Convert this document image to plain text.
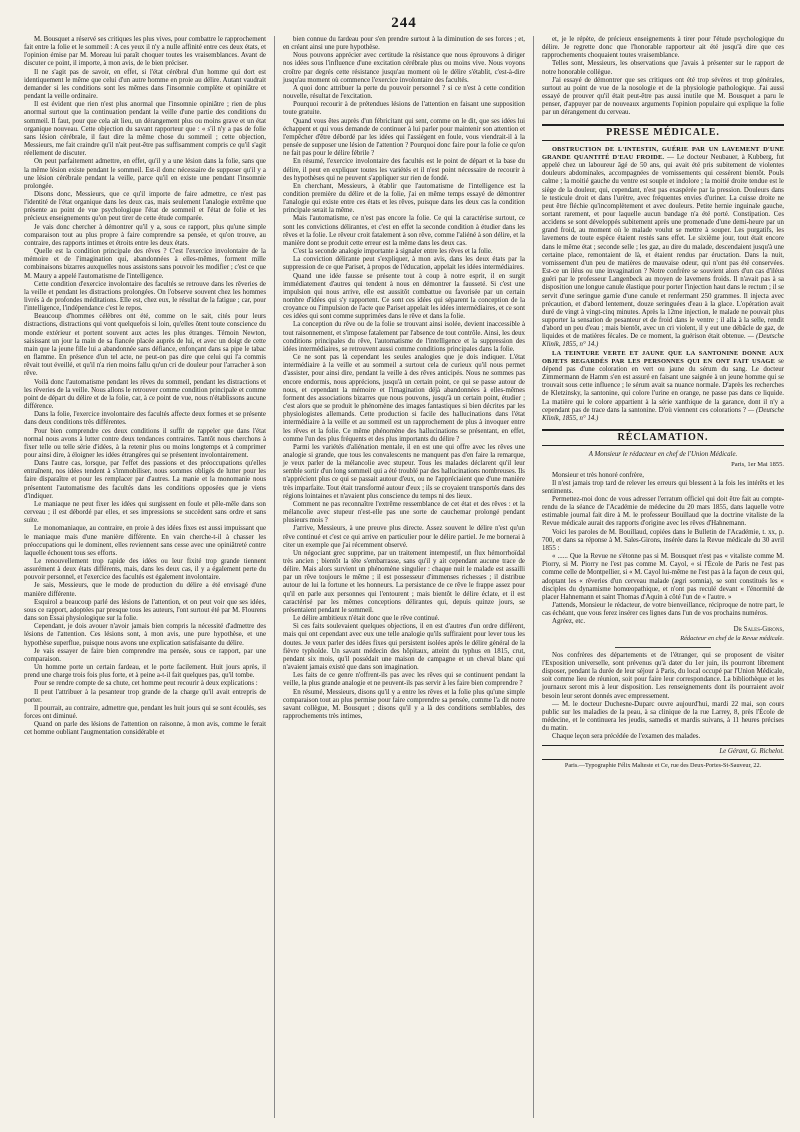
244

M. Bousquet a réservé ses critiques les plus vives, pour combattre le rapprochement fait entre la folie et le sommeil : A ces yeux il n'y a nulle affinité entre ces deux états, et l'opinion émise par M. Moreau lui paraît choquer toutes les vraisemblances. Avant de discuter ce point, il importe, à mon avis, de le bien préciser.

Il ne s'agit pas de savoir, en effet, si l'état cérébral d'un homme qui dort est identiquement le même que celui d'un autre homme en proie au délire. Autant vaudrait demander si les conditions sont les mêmes dans l'insomnie complète et opiniâtre et pendant la veille ordinaire.

Il est évident que rien n'est plus anormal que l'insomnie opiniâtre ; rien de plus anormal surtout que la continuation pendant la veille d'une partie des conditions du sommeil. Il faut, pour que cela ait lieu, un dérangement plus ou moins grave et un état organique nouveau. Cette objection du savant rapporteur que : « s'il n'y a pas de folie sans lésion cérébrale, il faut dire la même chose du sommeil ; cette objection, Messieurs, me fait craindre qu'il n'ait peut-être pas suffisamment compris ce qu'il s'agit réellement de discuter.

On peut parfaitement admettre, en effet, qu'il y a une lésion dans la folie, sans que la même lésion existe pendant le sommeil. Est-il donc nécessaire de supposer qu'il y a une lésion cérébrale pendant la veille, parce qu'il en existe une pendant l'insomnie prolongée.

Disons donc, Messieurs, que ce qu'il importe de faire admettre, ce n'est pas l'identité de l'état organique dans les deux cas, mais seulement l'analogie extrême que présente au point de vue psychologique l'état de sommeil et l'état de folie et les précieux enseignements qu'on peut tirer de cette étude comparée.

Je vais donc chercher à démontrer qu'il y a, sous ce rapport, plus qu'une simple comparaison tout au plus propre à faire comprendre sa pensée, et qu'on trouve, au contraire, des rapports intimes et étroits entre les deux états.

Quelle est la condition principale des rêves ? C'est l'exercice involontaire de la mémoire et de l'imagination qui, abandonnées à elles-mêmes, forment mille combinaisons bizarres auxquelles nous assistons sans pouvoir les modifier ; c'est ce que M. Maury a appelé l'automatisme de l'intelligence.

Cette condition d'exercice involontaire des facultés se retrouve dans les rêveries de la veille et pendant les distractions prolongées. On l'observe souvent chez les hommes livrés à de profondes méditations. Elle est, chez eux, le résultat de la fatigue ; car, pour l'intelligence, l'indépendance c'est le repos.

Beaucoup d'hommes célèbres ont été, comme on le sait, cités pour leurs distractions, distractions qui vont quelquefois si loin, qu'elles ôtent toute conscience du monde extérieur et portent souvent aux actes les plus étranges. Témoin Newton, saisissant un jour la main de sa fiancée placée auprès de lui, et avec un doigt de cette main que la jeune fille lui a abandonnée sans défiance, enfonçant dans sa pipe le tabac en flamme. En présence d'un tel acte, ne peut-on pas dire que celui qui l'a commis rêvait tout éveillé, et qu'il n'a rien moins fallu qu'un cri de douleur pour l'arracher à son rêve.

Voilà donc l'automatisme pendant les rêves du sommeil, pendant les distractions et les rêveries de la veille. Nous allons le retrouver comme condition principale et comme point de départ du délire et de la folie, car, à ce point de vue, nous n'établissons aucune différence.

Dans la folie, l'exercice involontaire des facultés affecte deux formes et se présente dans deux conditions très différentes.

Pour bien comprendre ces deux conditions il suffit de rappeler que dans l'état normal nous avons à lutter contre deux tendances contraires. Tantôt nous cherchons à fixer telle ou telle série d'idées, à la retenir plus ou moins longtemps et à comprimer pour ainsi dire, à éloigner les idées étrangères qui se présentent involontairement.

Dans l'autre cas, lorsque, par l'effet des passions et des préoccupations qu'elles entraînent, nos idées tendent à s'immobiliser, nous sommes obligés de lutter pour les faire disparaître et pour les remplacer par d'autres. La manie et la monomanie nous présentent l'automatisme des facultés dans les conditions opposées que je viens d'indiquer.

Le maniaque ne peut fixer les idées qui surgissent en foule et pêle-mêle dans son cerveau ; il est débordé par elles, et ses impressions se succèdent sans ordre et sans suite.

Le monomaniaque, au contraire, en proie à des idées fixes est aussi impuissant que le maniaque mais d'une manière différente. En vain cherche-t-il à chasser les préoccupations qui le dominent, elles reviennent sans cesse avec une opiniâtreté contre laquelle échouent tous ses efforts.

Le renouvellement trop rapide des idées ou leur fixité trop grande tiennent assurément à deux états différents, mais, dans les deux cas, il y a également perte du pouvoir personnel, et l'exercice des facultés est également involontaire.

Je sais, Messieurs, que le mode de production du délire a été envisagé d'une manière différente.

Esquirol a beaucoup parlé des lésions de l'attention, et on peut voir que ses idées, sous ce rapport, adoptées par presque tous les auteurs, l'ont surtout été par M. Flourens dans son Essai physiologique sur la folie.

Cependant, je dois avouer n'avoir jamais bien compris la nécessité d'admettre des lésions de l'attention. Ces lésions sont, à mon avis, une pure hypothèse, et une hypothèse superflue, puisque nous avons une explication satisfaisante du délire.

Je vais essayer de faire bien comprendre ma pensée, sous ce rapport, par une comparaison.

Un homme porte un certain fardeau, et le porte facilement. Huit jours après, il prend une charge trois fois plus forte, et à peine a-t-il fait quelques pas, qu'il tombe.

Pour se rendre compte de sa chute, cet homme peut recourir à deux explications :

Il peut l'attribuer à la pesanteur trop grande de la charge qu'il avait entrepris de porter.

Il pourrait, au contraire, admettre que, pendant les huit jours qui se sont écoulés, ses forces ont diminué.

Quand on parle des lésions de l'attention on raisonne, à mon avis, comme le ferait cet homme oubliant l'augmentation considérable et

bien connue du fardeau pour s'en prendre surtout à la diminution de ses forces ; et, en créant ainsi une pure hypothèse.

Nous pouvons apprécier avec certitude la résistance que nous éprouvons à diriger nos idées sous l'influence d'une excitation cérébrale plus ou moins vive. Nous voyons croître par degrés cette résistance jusqu'au moment où le délire s'établit, c'est-à-dire jusqu'au moment où commence l'exercice involontaire des facultés.

A quoi donc attribuer la perte du pouvoir personnel ? si ce n'est à cette condition nouvelle, résultat de l'excitation.

Pourquoi recourir à de prétendues lésions de l'attention en faisant une supposition toute gratuite.

Quand vous êtes auprès d'un fébricitant qui sent, comme on le dit, que ses idées lui échappent et qui vous demande de continuer à lui parler pour maintenir son attention et l'empêcher d'être débordé par les idées qui l'assiègent en foule, vous viendrait-il à la pensée de supposer une lésion de l'attention ? Pourquoi donc faire pour la folie ce qu'on ne fait pas pour le délire fébrile ?

En résumé, l'exercice involontaire des facultés est le point de départ et la base du délire, il peut en expliquer toutes les variétés et il n'est point nécessaire de recourir à des hypothèses qui ne peuvent s'appliquer sur rien de fondé.

En cherchant, Messieurs, à établir que l'automatisme de l'intelligence est la condition première du délire et de la folie, j'ai en même temps essayé de démontrer l'analogie qui existe entre ces états et les rêves, puisque dans les deux cas la condition principale serait la même.

Mais l'automatisme, ce n'est pas encore la folie. Ce qui la caractérise surtout, ce sont les convictions délirantes, et c'est en effet la seconde condition à étudier dans les rêves et la folie. Le rêveur croit fatalement à son rêve, comme l'aliéné à son délire, et la manière dont se produit cette erreur est la même dans les deux cas.

C'est la seconde analogie importante à signaler entre les rêves et la folie.

La conviction délirante peut s'expliquer, à mon avis, dans les deux états par la suppression de ce que Pariset, à propos de l'éducation, appelait les idées intermédiaires.

Quand une idée fausse se présente tout à coup à notre esprit, il en surgit immédiatement d'autres qui tendent à nous en démontrer la fausseté. Si c'est une impulsion qui nous arrive, elle est aussitôt combattue ou favorisée par un certain nombre d'idées qui s'y rapportent. Ce sont ces idées qui séparent la conception de la croyance ou l'impulsion de l'acte que Pariset appelait les idées intermédiaires, et ce sont ces idées qui sont comme supprimées dans le rêve et dans la folie.

La conception du rêve ou de la folie se trouvant ainsi isolée, devient inaccessible à tout raisonnement, et s'impose fatalement par l'absence de tout contrôle. Ainsi, les deux conditions principales du rêve, l'automatisme de l'intelligence et la suppression des idées intermédiaires, se retrouvent aussi comme conditions principales dans la folie.

Ce ne sont pas là cependant les seules analogies que je dois indiquer. L'état intermédiaire à la veille et au sommeil a surtout cela de curieux qu'il nous permet d'assister, pour ainsi dire, pendant la veille à des rêves anticipés. Nous ne sommes pas encore endormis, nous apprécions, jusqu'à un certain point, ce qui se passe autour de nous, et cependant la mémoire et l'imagination déjà abandonnées à elles-mêmes forment des associations bizarres que nous pouvons, jusqu'à un certain point, étudier ; c'est alors que se produit le phénomène des images fantastiques si bien décrites par les physiologistes allemands. Cette production si facile des hallucinations dans l'état intermédiaire à la veille et au sommeil est un rapprochement de plus à invoquer entre les rêves et la folie. Ce même phénomène des hallucinations se présentant, en effet, comme l'un des plus fréquents et des plus importants du délire ?

Parmi les variétés d'aliénation mentale, il en est une qui offre avec les rêves une analogie si grande, que tous les convalescents ne manquent pas d'en faire la remarque, je veux parler de la mélancolie avec stupeur. Tous les malades déclarent qu'il leur semble sortir d'un long sommeil qui a été troublé par des hallucinations nombreuses. Ils n'apprécient plus ce qui se passait autour d'eux, ou ne l'appréciaient que d'une manière très imparfaite. Tout était transformé autour d'eux ; ils se croyaient transportés dans des régions lointaines et n'avaient plus conscience du temps ni des lieux.

Comment ne pas reconnaître l'extrême ressemblance de cet état et des rêves : et la mélancolie avec stupeur n'est-elle pas une sorte de cauchemar prolongé pendant plusieurs mois ?

J'arrive, Messieurs, à une preuve plus directe. Assez souvent le délire n'est qu'un rêve continué et c'est ce qui arrive en particulier pour le délire partiel. Je me bornerai à citer un exemple que j'ai récemment observé.

Un négociant grec supprime, par un traitement intempestif, un flux hémorrhoïdal très ancien ; bientôt la tête s'embarrasse, sans qu'il y ait cependant aucune trace de délire. Mais alors survient un phénomène singulier : chaque nuit le malade est assailli par un rêve toujours le même ; il est possesseur d'immenses richesses ; il distribue autour de lui la fortune et les honneurs. La persistance de ce rêve le frappe assez pour qu'il en parle aux personnes qui l'entourent ; mais bientôt le délire éclate, et il est caractérisé par les mêmes conceptions délirantes qui, depuis quinze jours, se présentaient pendant le sommeil.

Le délire ambitieux n'était donc que le rêve continué.

Si ces faits soulevaient quelques objections, il en est d'autres d'un ordre différent, mais qui ont cependant avec eux une telle analogie qu'ils suffiraient pour lever tous les doutes. Je veux parler des idées fixes qui persistent isolées après le délire général de la fièvre typhoïde. Un savant médecin des hôpitaux, atteint du typhus en 1815, crut, pendant six mois, qu'il possédait une maison de campagne et un cheval blanc qui n'avaient jamais existé que dans son imagination.

Les faits de ce genre n'offrent-ils pas avec les rêves qui se continuent pendant la veille, la plus grande analogie et ne peuvent-ils pas servir à les faire bien comprendre ?

En résumé, Messieurs, disons qu'il y a entre les rêves et la folie plus qu'une simple comparaison tout au plus permise pour faire comprendre sa pensée, comme l'a dit notre savant collègue, M. Bousquet ; disons qu'il y a là des conditions semblables, des rapprochements très intimes,

et, je le répète, de précieux enseignements à tirer pour l'étude psychologique du délire. Je regrette donc que l'honorable rapporteur ait été jusqu'à dire que ces rapprochements choquaient toutes vraisemblance.

Telles sont, Messieurs, les observations que j'avais à présenter sur le rapport de notre honorable collègue.

J'ai essayé de démontrer que ses critiques ont été trop sévères et trop générales, surtout au point de vue de la nosologie et de la physiologie pathologique. J'ai aussi essayé de prouver qu'il était peut-être pas aussi inutile que M. Bousquet a paru le penser, d'appuyer par de nouveaux arguments l'opinion populaire qui explique la folie par un dérangement du cerveau.

PRESSE MÉDICALE.

OBSTRUCTION DE L'INTESTIN, GUÉRIE PAR UN LAVEMENT D'UNE GRANDE QUANTITÉ D'EAU FROIDE. — Le docteur Neubauer, à Kubberg, fut appelé chez un laboureur âgé de 50 ans, qui avait été pris subitement de violentes douleurs abdominales, accompagnées de vomissements qui cessèrent bientôt. Pouls calme ; la moitié gauche du ventre est souple et indolore ; la moitié droite tendue est le siège de la douleur, qui, cependant, n'est pas exaspérée par la pression. Douleurs dans le testicule droit et dans l'urètre, avec fréquentes envies d'uriner. La cuisse droite ne peut être fléchie qu'incomplètement et avec douleurs. Petite hernie inguinale gauche, sortant rarement, et pour laquelle aucun bandage n'a été porté. Constipation. Ces accidens se sont développés subitement après une promenade d'une demi-heure par un grand froid, au moment où le malade voulut se mettre à souper. Les purgatifs, les lavemens de toute espèce étaient restés sans effet. Le sixième jour, tout était encore dans le même état ; seconde selle ; les gaz, au dire du malade, descendaient jusqu'à une certaine place, remontaient de là, et étaient rendus par éructation. Dans la nuit, vomissement d'un peu de matières de mauvaise odeur, qui n'ont pas été conservées. Est-ce un iléus ou une invagination ? Notre confrère se souvient alors d'un cas d'iléus guéri par le professeur Langenbeck au moyen de lavemens froids. Il n'avait pas à sa disposition une longue canule élastique pour porter l'injection haut dans le rectum ; il se servit d'une seringue garnie d'une canule et renfermant 250 grammes. Il injecta avec précaution, et d'abord lentement, douze seringuées d'eau à la glace. L'opération avait duré de vingt à vingt-cinq minutes. Après la 12me injection, le malade ne pouvait plus supporter la sensation de pesanteur et de froid dans le ventre ; il alla à la selle, rendit d'abord un peu d'eau ; mais bientôt, avec un cri violent, il y eut une débâcle de gaz, de liquides et de matières fécales. De ce moment, la guérison était obtenue. — (Deutsche Klinik, 1855, n° 14.)

LA TEINTURE VERTE ET JAUNE QUE LA SANTONINE DONNE AUX OBJETS REGARDÉS PAR LES PERSONNES QUI EN ONT FAIT USAGE se dépend pas d'une coloration en vert ou jaune du sérum du sang. Le docteur Zimmermann de Hamm s'en est assuré en faisant une saignée à un jeune homme qui se trouvait sous cette influence ; le sérum avait sa nuance normale. D'après les recherches de Kletzinsky, la santonine, qui colore l'urine en orange, ne passe pas dans ce liquide. La matière qui le colore appartient à la série xanthique de la garance, dont il n'y a cependant pas de trace dans la santonine. D'où viennent ces colorations ? — (Deutsche Klinik, 1855, n° 14.)

RÉCLAMATION.
A Monsieur le rédacteur en chef de l'Union Médicale.
Paris, 1er Mai 1855.

Monsieur et très honoré confrère,

Il n'est jamais trop tard de relever les erreurs qui blessent à la fois les intérêts et les sentiments.

Permettez-moi donc de vous adresser l'erratum officiel qui doit être fait au compte-rendu de la séance de l'Académie de médecine du 20 mars 1855, dans laquelle votre estimable journal fait dire à M. le professeur Bouillaud que la doctrine vitaliste de la Revue médicale aurait des rapports d'origine avec les rêves d'Hahnemann.

Voici les paroles de M. Bouillaud, copiées dans le Bulletin de l'Académie, t. xx, p. 700, et dans sa réponse à M. Sales-Girons, insérée dans la Revue médicale du 30 avril 1855 :

« ...... Que la Revue ne s'étonne pas si M. Bousquet n'est pas « vitaliste comme M. Piorry, si M. Piorry ne l'est pas comme M. Cayol, « si l'École de Paris ne l'est pas comme celle de Montpellier, si « M. Cayol lui-même ne l'est pas à la façon de ceux qui, adoptant les « rêveries d'un cerveau malade (ægri somnia), se sont constitués les « disciples du dynamisme homœopathique, et n'ont pas reculé devant « l'énormité de placer Hahnemann et saint Thomas d'Aquin à côté l'un de « l'autre. »

J'attends, Monsieur le rédacteur, de votre bienveillance, réciproque de notre part, le cas échéant, que vous ferez insérer ces lignes dans l'un de vos prochains numéros.

Agréez, etc.

Dr Sales-Girons,
Rédacteur en chef de la Revue médicale.

Nos confrères des départements et de l'étranger, qui se proposent de visiter l'Exposition universelle, sont prévenus qu'à dater du 1er juin, ils pourront librement disposer, pendant la durée de leur séjour à Paris, du local occupé par l'Union Médicale, soit comme lieu de réunion, soit pour faire leur correspondance. La bibliothèque et les journaux seront mis à leur disposition. Les renseignements dont ils pourraient avoir besoin leur seront donnés avec empressement.

— M. le docteur Duchesne-Duparc ouvre aujourd'hui, mardi 22 mai, son cours public sur les maladies de la peau, à sa clinique de la rue Larrey, 8, près l'École de médecine, et le continuera les jeudis, samedis et mardis suivans, à 11 heures précises du matin.

Chaque leçon sera précédée de l'examen des malades.

Le Gérant, G. Richelot.
Paris.—Typographie Félix Malteste et Ce, rue des Deux-Portes-St-Sauveur, 22.
